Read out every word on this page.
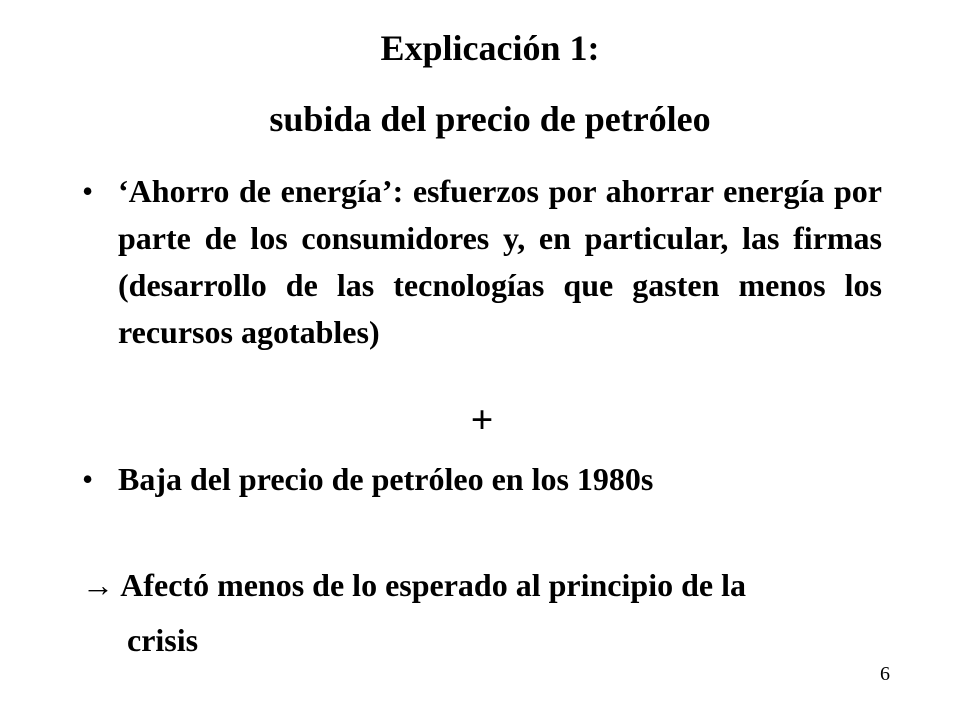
Explicación 1:
subida del precio de petróleo
• ‘Ahorro de energía’: esfuerzos por ahorrar energía por parte de los consumidores y, en particular, las firmas (desarrollo de las tecnologías que gasten menos los recursos agotables)
+
• Baja del precio de petróleo en los 1980s
→ Afectó menos de lo esperado al principio de la
crisis
6
